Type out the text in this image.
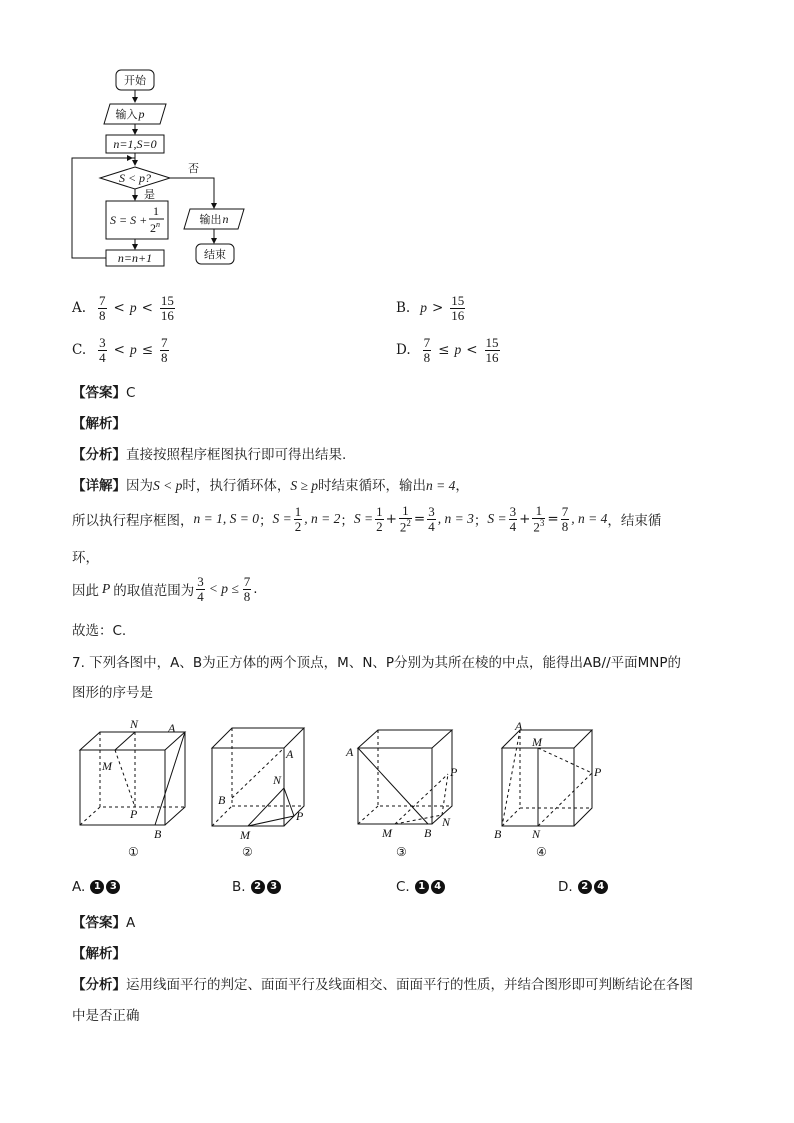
开始
输入p
n=1,S=0
S < p?
否
是
S = S +
1
2$^n$
n=n+1
输出n
结束
A. $\frac{7}{8} < p < \frac{15}{16}$	B. $p > \frac{15}{16}$
C. $\frac{3}{4} < p \le \frac{7}{8}$	D. $\frac{7}{8} \le p < \frac{15}{16}$
【答案】C
【解析】
【分析】直接按照程序框图执行即可得出结果.
【详解】因为S < p时，执行循环体，S ≥ p时结束循环，输出n = 4，
所以执行程序框图， n = 1, S = 0 ； $S = \frac{1}{2}$ , n = 2 ； $S = \frac{1}{2} + \frac{1}{2^2} = \frac{3}{4}$ , n = 3 ； $S = \frac{3}{4} + \frac{1}{2^3} = \frac{7}{8}$ , n = 4 ，结束循
环，
因此 P 的取值范围为 $\frac{3}{4} < p \le \frac{7}{8}$ .
故选：C.
7. 下列各图中，A、B为正方体的两个顶点，M、N、P分别为其所在棱的中点，能得出AB//平面MNP的
图形的序号是
A
N
M
P
B
①
A
B
N
P
M
②
A
P
N
M	B
③
A
M
P
B	N
④
A. 1 3	B. 2 3	C. 1 4	D. 2 4
【答案】A
【解析】
【分析】运用线面平行的判定、面面平行及线面相交、面面平行的性质，并结合图形即可判断结论在各图
中是否正确
